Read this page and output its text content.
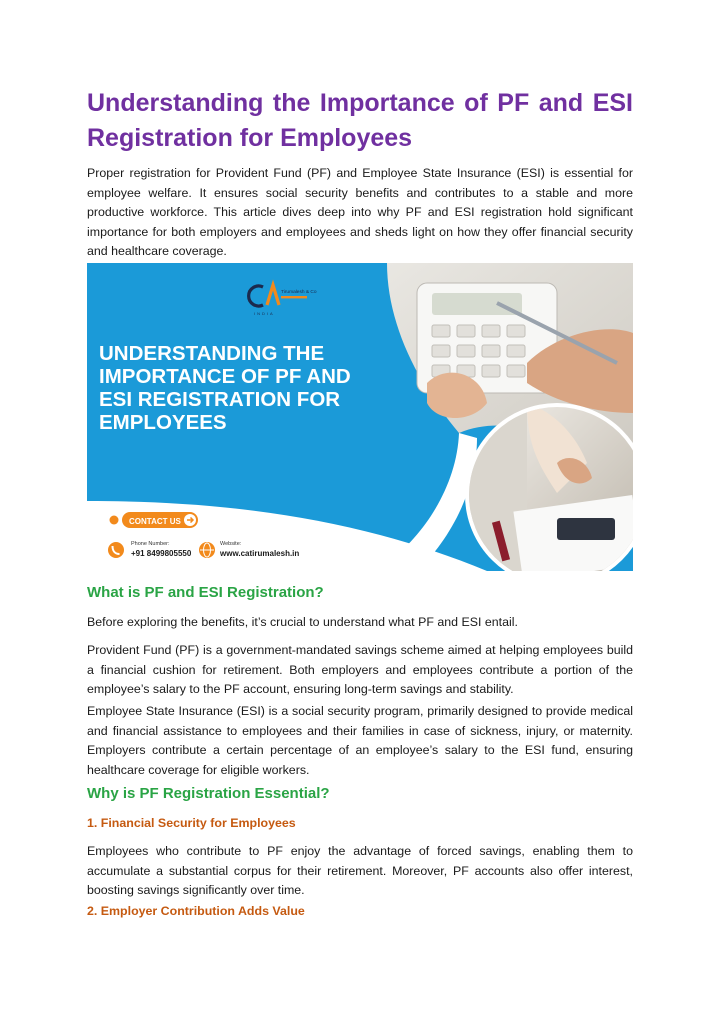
Understanding the Importance of PF and ESI Registration for Employees

Proper registration for Provident Fund (PF) and Employee State Insurance (ESI) is essential for employee welfare. It ensures social security benefits and contributes to a stable and more productive workforce. This article dives deep into why PF and ESI registration hold significant importance for both employers and employees and sheds light on how they offer financial security and healthcare coverage.

UNDERSTANDING THE
IMPORTANCE OF PF AND
ESI REGISTRATION FOR
EMPLOYEES
Tirumalesh & Co
INDIA
CONTACT US
Phone Number:
+91 8499805550
Website:
www.catirumalesh.in
What is PF and ESI Registration?

Before exploring the benefits, it’s crucial to understand what PF and ESI entail.

Provident Fund (PF) is a government-mandated savings scheme aimed at helping employees build a financial cushion for retirement. Both employers and employees contribute a portion of the employee’s salary to the PF account, ensuring long-term savings and stability.

Employee State Insurance (ESI) is a social security program, primarily designed to provide medical and financial assistance to employees and their families in case of sickness, injury, or maternity. Employers contribute a certain percentage of an employee’s salary to the ESI fund, ensuring healthcare coverage for eligible workers.

Why is PF Registration Essential?
1. Financial Security for Employees

Employees who contribute to PF enjoy the advantage of forced savings, enabling them to accumulate a substantial corpus for their retirement. Moreover, PF accounts also offer interest, boosting savings significantly over time.

2. Employer Contribution Adds Value
